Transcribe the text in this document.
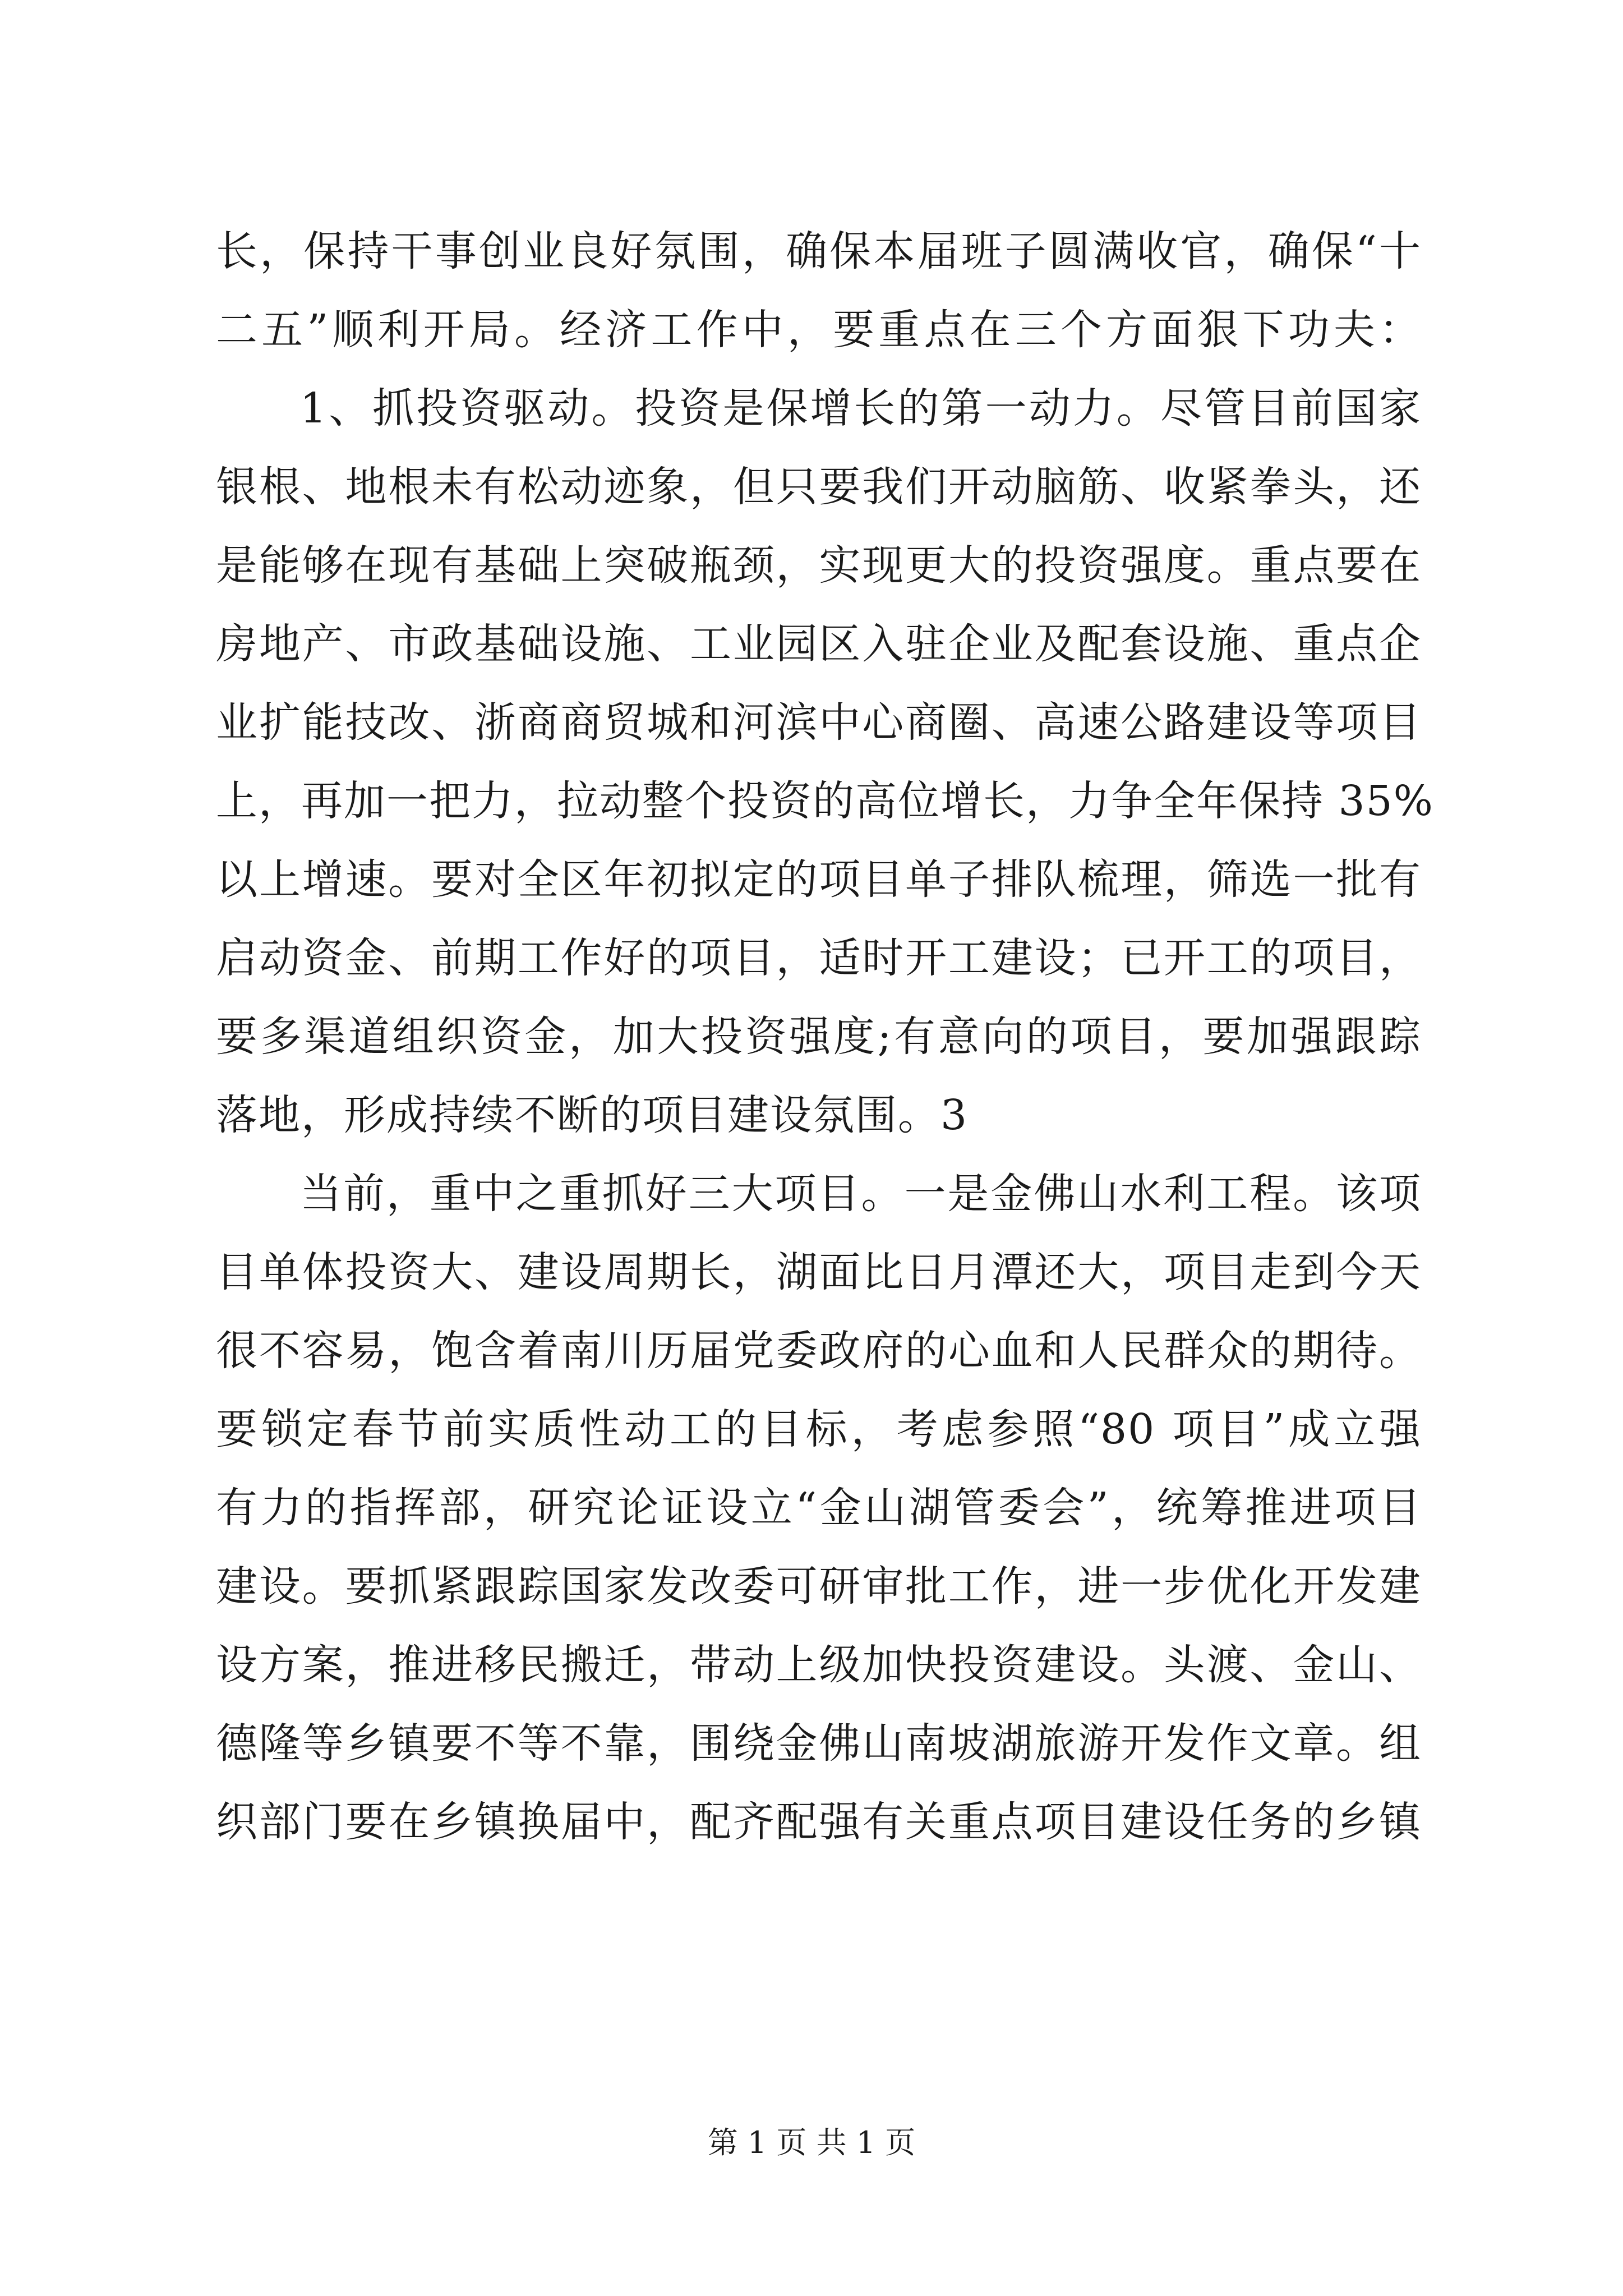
长，保持干事创业良好氛围，确保本届班子圆满收官，确保“十
二五”顺利开局。经济工作中，要重点在三个方面狠下功夫：
1、抓投资驱动。投资是保增长的第一动力。尽管目前国家
银根、地根未有松动迹象，但只要我们开动脑筋、收紧拳头，还
是能够在现有基础上突破瓶颈，实现更大的投资强度。重点要在
房地产、市政基础设施、工业园区入驻企业及配套设施、重点企
业扩能技改、浙商商贸城和河滨中心商圈、高速公路建设等项目
上，再加一把力，拉动整个投资的高位增长，力争全年保持 35%
以上增速。要对全区年初拟定的项目单子排队梳理，筛选一批有
启动资金、前期工作好的项目，适时开工建设；已开工的项目，
要多渠道组织资金，加大投资强度;有意向的项目，要加强跟踪
落地，形成持续不断的项目建设氛围。3
当前，重中之重抓好三大项目。一是金佛山水利工程。该项
目单体投资大、建设周期长，湖面比日月潭还大，项目走到今天
很不容易，饱含着南川历届党委政府的心血和人民群众的期待。
要锁定春节前实质性动工的目标，考虑参照“80 项目”成立强
有力的指挥部，研究论证设立“金山湖管委会”，统筹推进项目
建设。要抓紧跟踪国家发改委可研审批工作，进一步优化开发建
设方案，推进移民搬迁，带动上级加快投资建设。头渡、金山、
德隆等乡镇要不等不靠，围绕金佛山南坡湖旅游开发作文章。组
织部门要在乡镇换届中，配齐配强有关重点项目建设任务的乡镇
第 1 页 共 1 页
